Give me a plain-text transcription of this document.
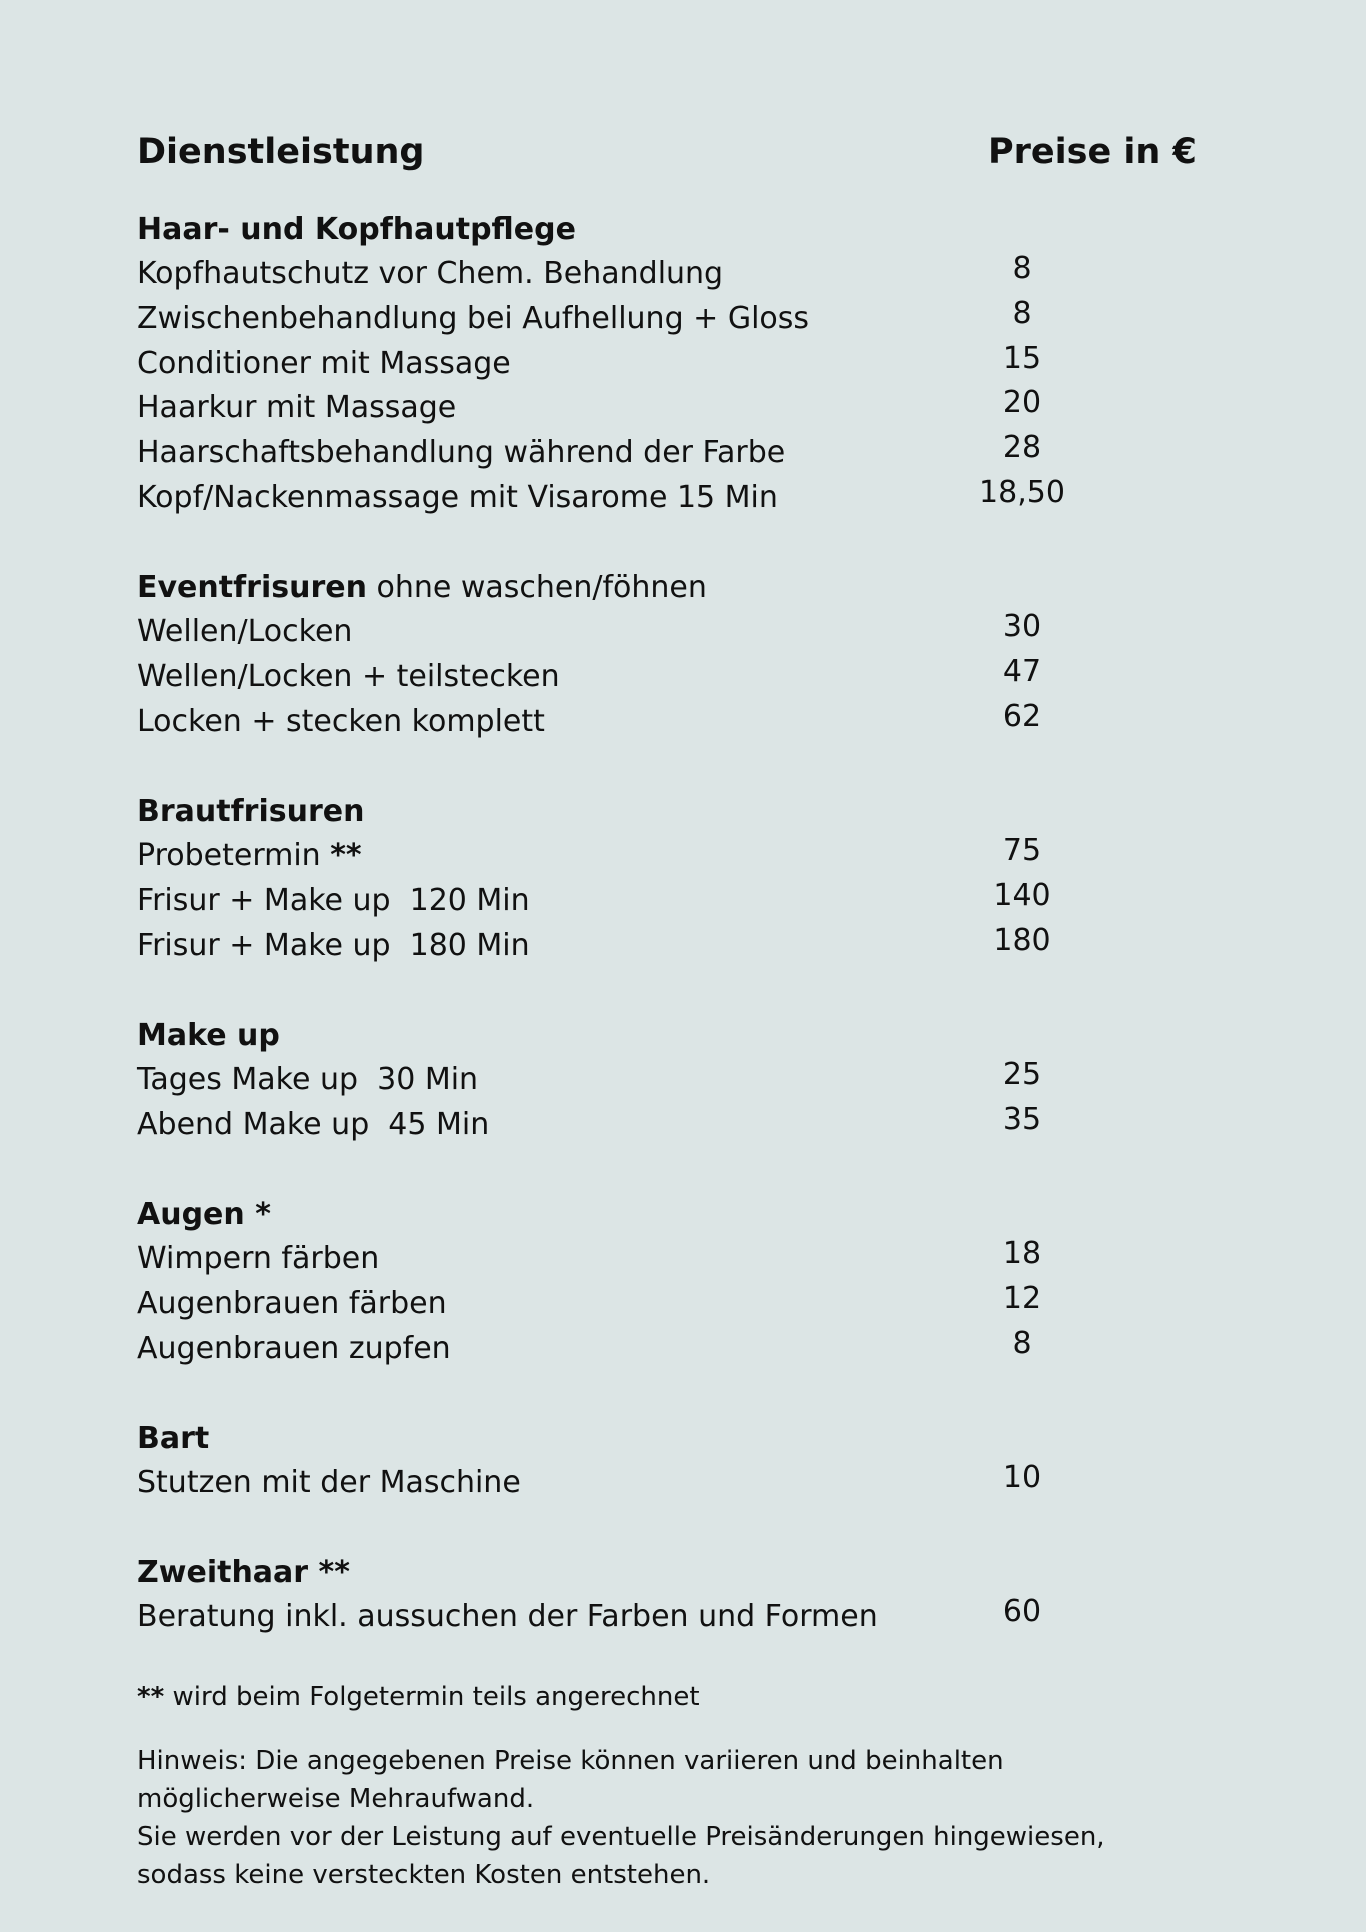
Dienstleistung	Preise in €
Haar- und Kopfhautpflege
Kopfhautschutz vor Chem. Behandlung	8
Zwischenbehandlung bei Aufhellung + Gloss	8
Conditioner mit Massage	15
Haarkur mit Massage	20
Haarschaftsbehandlung während der Farbe	28
Kopf/Nackenmassage mit Visarome 15 Min	18,50
Eventfrisuren ohne waschen/föhnen
Wellen/Locken	30
Wellen/Locken + teilstecken	47
Locken + stecken komplett	62
Brautfrisuren
Probetermin **	75
Frisur + Make up  120 Min	140
Frisur + Make up  180 Min	180
Make up
Tages Make up  30 Min	25
Abend Make up  45 Min	35
Augen *
Wimpern färben	18
Augenbrauen färben	12
Augenbrauen zupfen	8
Bart
Stutzen mit der Maschine	10
Zweithaar **
Beratung inkl. aussuchen der Farben und Formen	60
** wird beim Folgetermin teils angerechnet
Hinweis: Die angegebenen Preise können variieren und beinhalten
möglicherweise Mehraufwand.
Sie werden vor der Leistung auf eventuelle Preisänderungen hingewiesen,
sodass keine versteckten Kosten entstehen.
